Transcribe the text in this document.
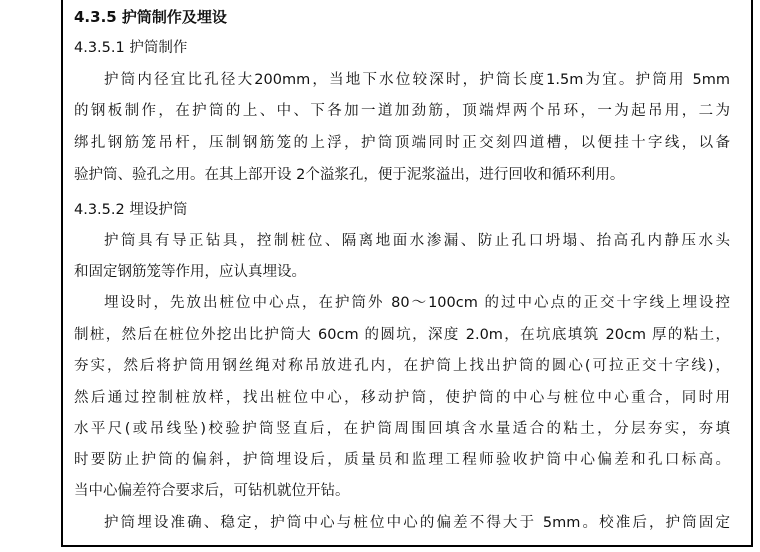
4.3.5 护筒制作及埋设
4.3.5.1 护筒制作
护筒内径宜比孔径大200mm，当地下水位较深时，护筒长度1.5m为宜。护筒用 5mm
的钢板制作，在护筒的上、中、下各加一道加劲筋，顶端焊两个吊环，一为起吊用，二为
绑扎钢筋笼吊杆，压制钢筋笼的上浮，护筒顶端同时正交刻四道槽，以便挂十字线，以备
验护筒、验孔之用。在其上部开设 2个溢浆孔，便于泥浆溢出，进行回收和循环利用。
4.3.5.2 埋设护筒
护筒具有导正钻具，控制桩位、隔离地面水渗漏、防止孔口坍塌、抬高孔内静压水头
和固定钢筋笼等作用，应认真埋设。
埋设时，先放出桩位中心点，在护筒外 80～100cm 的过中心点的正交十字线上埋设控
制桩，然后在桩位外挖出比护筒大 60cm 的圆坑，深度 2.0m，在坑底填筑 20cm 厚的粘土，
夯实，然后将护筒用钢丝绳对称吊放进孔内，在护筒上找出护筒的圆心(可拉正交十字线)，
然后通过控制桩放样，找出桩位中心，移动护筒，使护筒的中心与桩位中心重合，同时用
水平尺(或吊线坠)校验护筒竖直后，在护筒周围回填含水量适合的粘土，分层夯实，夯填
时要防止护筒的偏斜，护筒埋设后，质量员和监理工程师验收护筒中心偏差和孔口标高。
当中心偏差符合要求后，可钻机就位开钻。
护筒埋设准确、稳定，护筒中心与桩位中心的偏差不得大于 5mm。校准后，护筒固定
